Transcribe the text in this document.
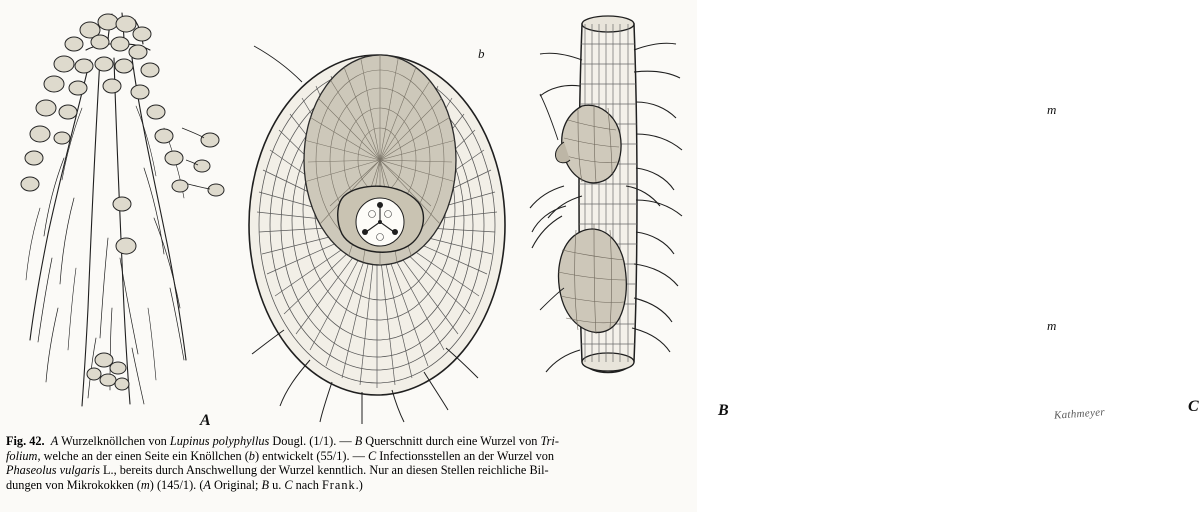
A
B
b
C
m
m
Kathmeyer
Fig. 42. A Wurzelknöllchen von Lupinus polyphyllus Dougl. (1/1). — B Querschnitt durch eine Wurzel von Tri-
folium, welche an der einen Seite ein Knöllchen (b) entwickelt (55/1). — C Infectionsstellen an der Wurzel von
Phaseolus vulgaris L., bereits durch Anschwellung der Wurzel kenntlich. Nur an diesen Stellen reichliche Bil-
dungen von Mikrokokken (m) (145/1). (A Original; B u. C nach Frank.)
